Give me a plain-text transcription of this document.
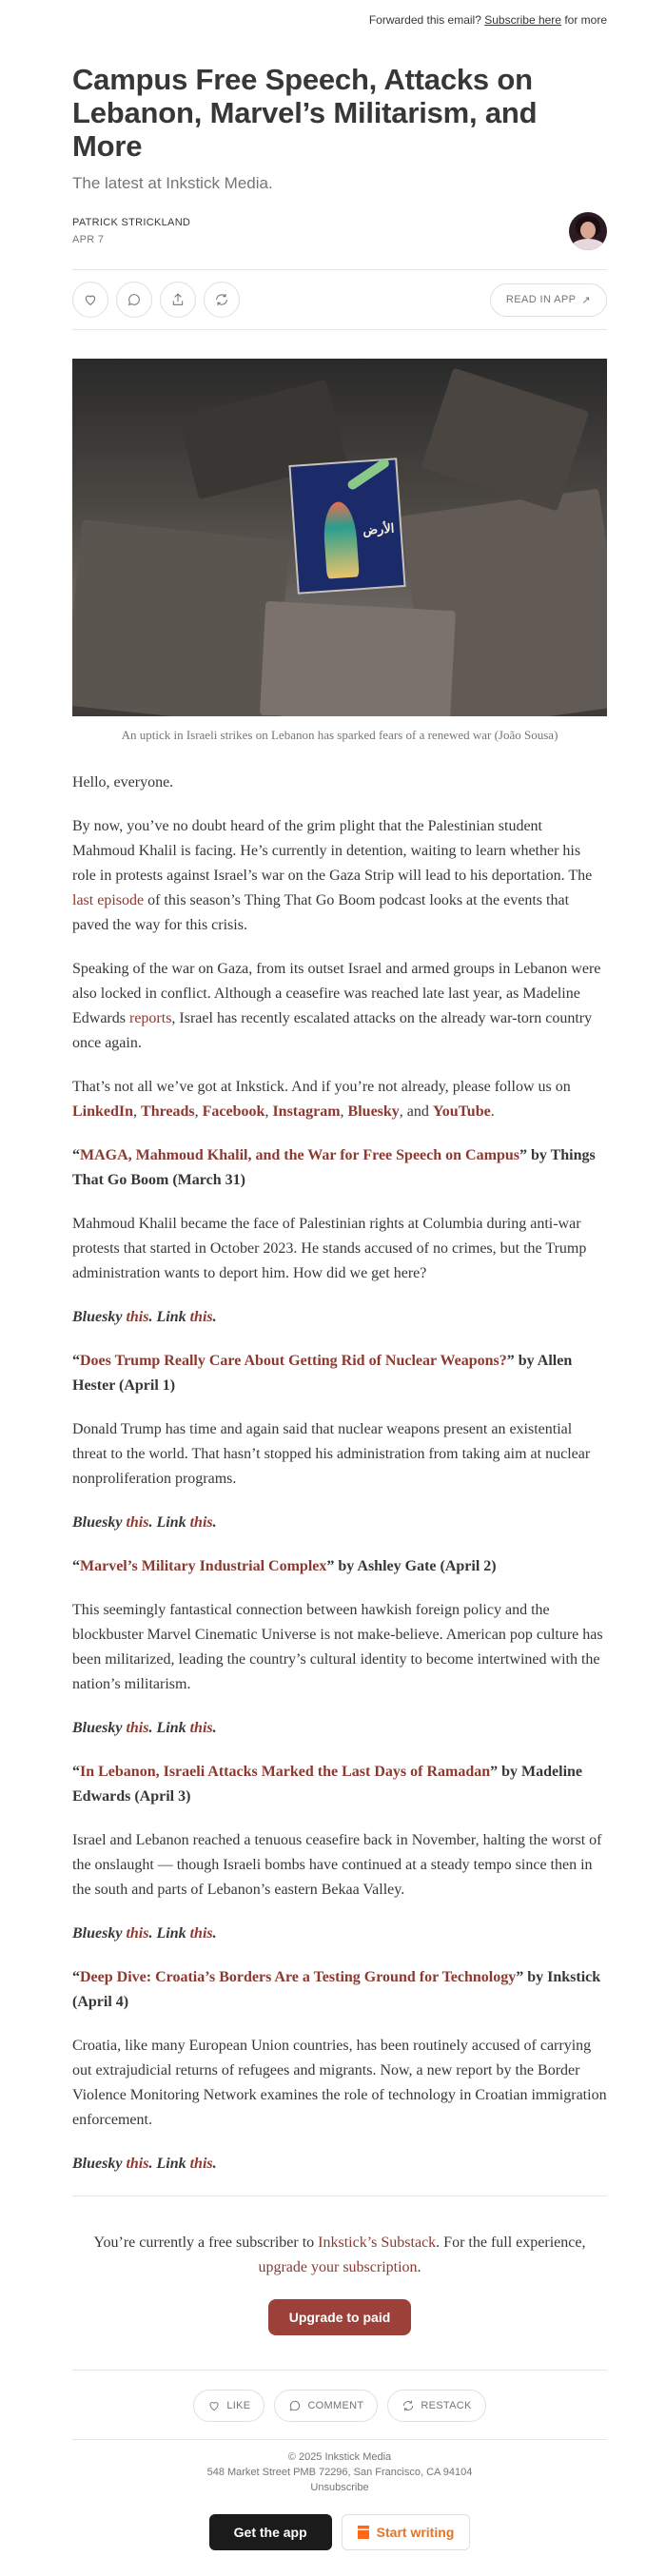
Forwarded this email? Subscribe here for more
Campus Free Speech, Attacks on Lebanon, Marvel’s Militarism, and More
The latest at Inkstick Media.
PATRICK STRICKLAND
APR 7
READ IN APP ↗
الأرض
An uptick in Israeli strikes on Lebanon has sparked fears of a renewed war (João Sousa)

Hello, everyone.

By now, you’ve no doubt heard of the grim plight that the Palestinian student Mahmoud Khalil is facing. He’s currently in detention, waiting to learn whether his role in protests against Israel’s war on the Gaza Strip will lead to his deportation. The last episode of this season’s Thing That Go Boom podcast looks at the events that paved the way for this crisis.

Speaking of the war on Gaza, from its outset Israel and armed groups in Lebanon were also locked in conflict. Although a ceasefire was reached late last year, as Madeline Edwards reports, Israel has recently escalated attacks on the already war-torn country once again.

That’s not all we’ve got at Inkstick. And if you’re not already, please follow us on LinkedIn, Threads, Facebook, Instagram, Bluesky, and YouTube.

“MAGA, Mahmoud Khalil, and the War for Free Speech on Campus” by Things That Go Boom (March 31)

Mahmoud Khalil became the face of Palestinian rights at Columbia during anti-war protests that started in October 2023. He stands accused of no crimes, but the Trump administration wants to deport him. How did we get here?

Bluesky this. Link this.

“Does Trump Really Care About Getting Rid of Nuclear Weapons?” by Allen Hester (April 1)

Donald Trump has time and again said that nuclear weapons present an existential threat to the world. That hasn’t stopped his administration from taking aim at nuclear nonproliferation programs.

Bluesky this. Link this.

“Marvel’s Military Industrial Complex” by Ashley Gate (April 2)

This seemingly fantastical connection between hawkish foreign policy and the blockbuster Marvel Cinematic Universe is not make-believe. American pop culture has been militarized, leading the country’s cultural identity to become intertwined with the nation’s militarism.

Bluesky this. Link this.

“In Lebanon, Israeli Attacks Marked the Last Days of Ramadan” by Madeline Edwards (April 3)

Israel and Lebanon reached a tenuous ceasefire back in November, halting the worst of the onslaught — though Israeli bombs have continued at a steady tempo since then in the south and parts of Lebanon’s eastern Bekaa Valley.

Bluesky this. Link this.

“Deep Dive: Croatia’s Borders Are a Testing Ground for Technology” by Inkstick (April 4)

Croatia, like many European Union countries, has been routinely accused of carrying out extrajudicial returns of refugees and migrants. Now, a new report by the Border Violence Monitoring Network examines the role of technology in Croatian immigration enforcement.

Bluesky this. Link this.

You’re currently a free subscriber to Inkstick’s Substack. For the full experience, upgrade your subscription.
Upgrade to paid
LIKE	COMMENT	RESTACK
© 2025 Inkstick Media
548 Market Street PMB 72296, San Francisco, CA 94104
Unsubscribe
Get the app	Start writing
